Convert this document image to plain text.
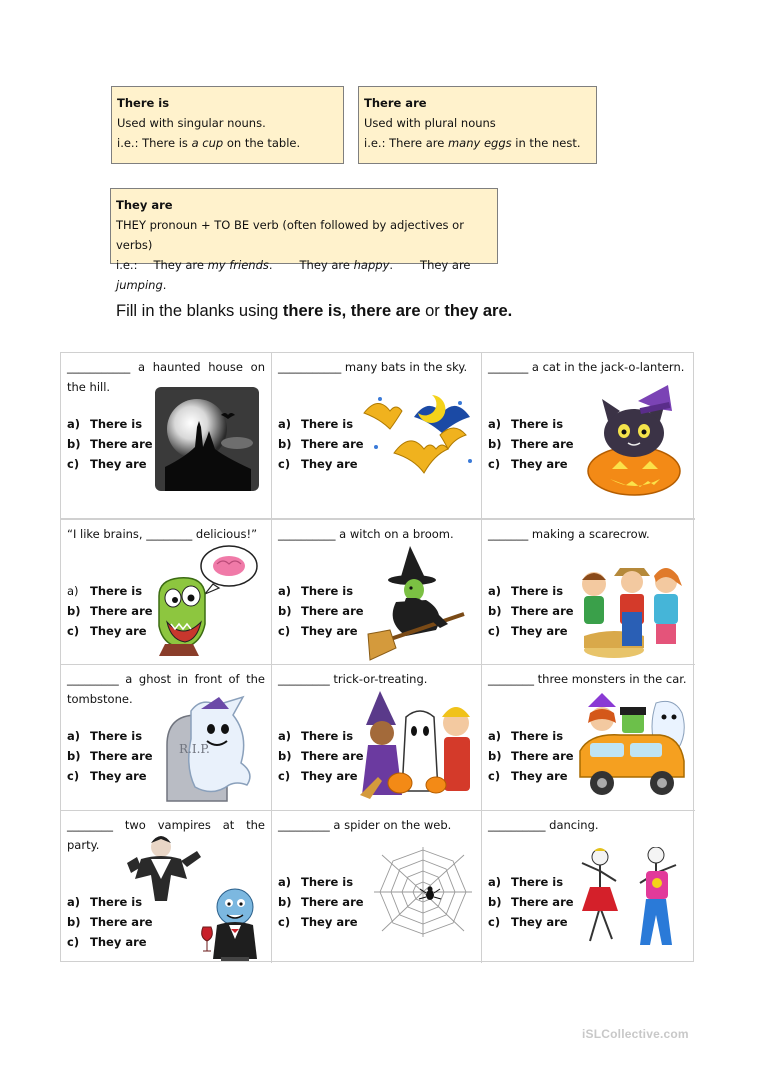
There is
Used with singular nouns.
i.e.: There is a cup on the table.
There are
Used with plural nouns
i.e.: There are many eggs in the nest.
They are
THEY pronoun + TO BE verb (often followed by adjectives or verbs)
i.e.: They are my friends. They are happy. They are jumping.
Fill in the blanks using there is, there are or they are.
___________ a haunted house on the hill.
a) There is
b) There are
c) They are
___________ many bats in the sky.
a) There is
b) There are
c) They are
_______ a cat in the jack-o-lantern.
a) There is
b) There are
c) They are
“I like brains, ________ delicious!”
a) There is
b) There are
c) They are
__________ a witch on a broom.
a) There is
b) There are
c) They are
_______ making a scarecrow.
a) There is
b) There are
c) They are
_________ a ghost in front of the tombstone.
a) There is
b) There are
c) They are
R.I.P.
_________ trick-or-treating.
a) There is
b) There are
c) They are
________ three monsters in the car.
a) There is
b) There are
c) They are
________ two vampires at the party.
a) There is
b) There are
c) They are
_________ a spider on the web.
a) There is
b) There are
c) They are
__________ dancing.
a) There is
b) There are
c) They are
iSLCollective.com
